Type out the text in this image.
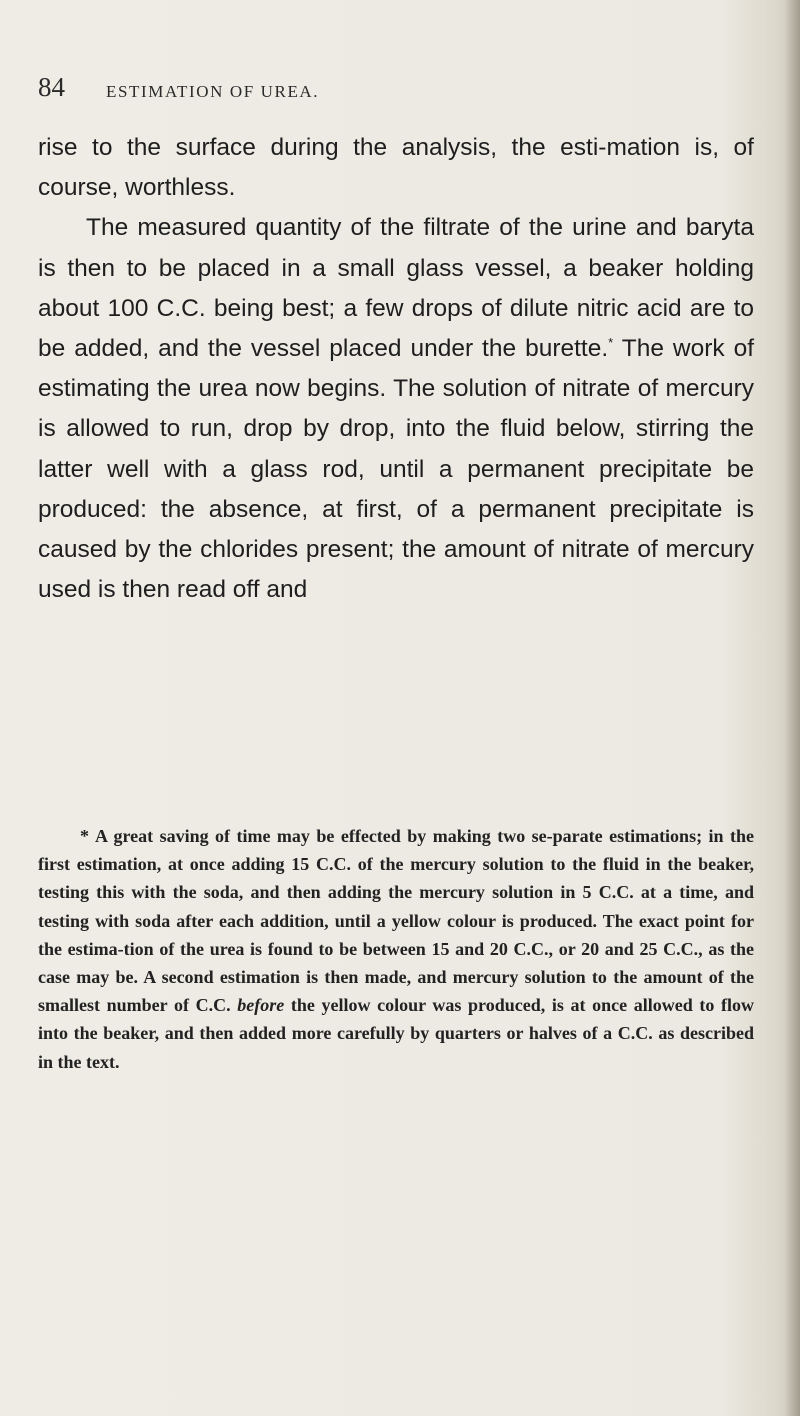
84 ESTIMATION OF UREA.

rise to the surface during the analysis, the esti-mation is, of course, worthless.

The measured quantity of the filtrate of the urine and baryta is then to be placed in a small glass vessel, a beaker holding about 100 C.C. being best; a few drops of dilute nitric acid are to be added, and the vessel placed under the burette.* The work of estimating the urea now begins. The solution of nitrate of mercury is allowed to run, drop by drop, into the fluid below, stirring the latter well with a glass rod, until a permanent precipitate be produced: the absence, at first, of a permanent precipitate is caused by the chlorides present; the amount of nitrate of mercury used is then read off and

* A great saving of time may be effected by making two se-parate estimations; in the first estimation, at once adding 15 C.C. of the mercury solution to the fluid in the beaker, testing this with the soda, and then adding the mercury solution in 5 C.C. at a time, and testing with soda after each addition, until a yellow colour is produced. The exact point for the estima-tion of the urea is found to be between 15 and 20 C.C., or 20 and 25 C.C., as the case may be. A second estimation is then made, and mercury solution to the amount of the smallest number of C.C. before the yellow colour was produced, is at once allowed to flow into the beaker, and then added more carefully by quarters or halves of a C.C. as described in the text.
